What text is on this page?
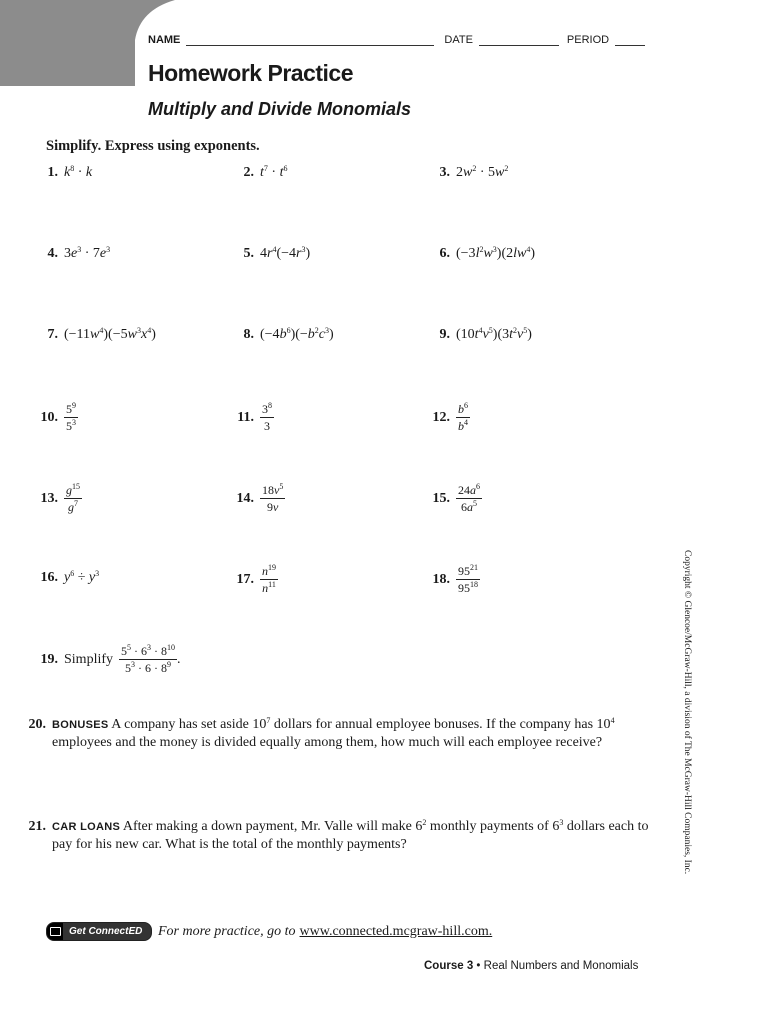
NAME	DATE	PERIOD
Homework Practice
Multiply and Divide Monomials
Simplify. Express using exponents.
1. $k^8 \cdot k$	2. $t^7 \cdot t^6$	3. $2w^2 \cdot 5w^2$
4. $3e^3 \cdot 7e^3$	5. $4r^4(-4r^3)$	6. $(-3l^2w^3)(2lw^4)$
7. $(-11w^4)(-5w^3x^4)$	8. $(-4b^6)(-b^2c^3)$	9. $(10t^4v^5)(3t^2v^5)$
10. $\frac{5^9}{5^3}$	11. $\frac{3^8}{3}$	12. $\frac{b^6}{b^4}$
13. $\frac{g^{15}}{g^7}$	14. $\frac{18v^5}{9v}$	15. $\frac{24a^6}{6a^5}$
16. $y^6 \div y^3$	17. $\frac{n^{19}}{n^{11}}$	18. $\frac{95^{21}}{95^{18}}$
19. Simplify $\frac{5^5 \cdot 6^3 \cdot 8^{10}}{5^3 \cdot 6 \cdot 8^9}$ .
20. BONUSES A company has set aside $10^7$ dollars for annual employee bonuses. If the company has $10^4$ employees and the money is divided equally among them, how much will each employee receive?
21. CAR LOANS After making a down payment, Mr. Valle will make $6^2$ monthly payments of $6^3$ dollars each to pay for his new car. What is the total of the monthly payments?	Copyright © Glencoe/McGraw-Hill, a division of The McGraw-Hill Companies, Inc.
Get ConnectED For more practice, go to www.connected.mcgraw-hill.com.
Course 3 • Real Numbers and Monomials
